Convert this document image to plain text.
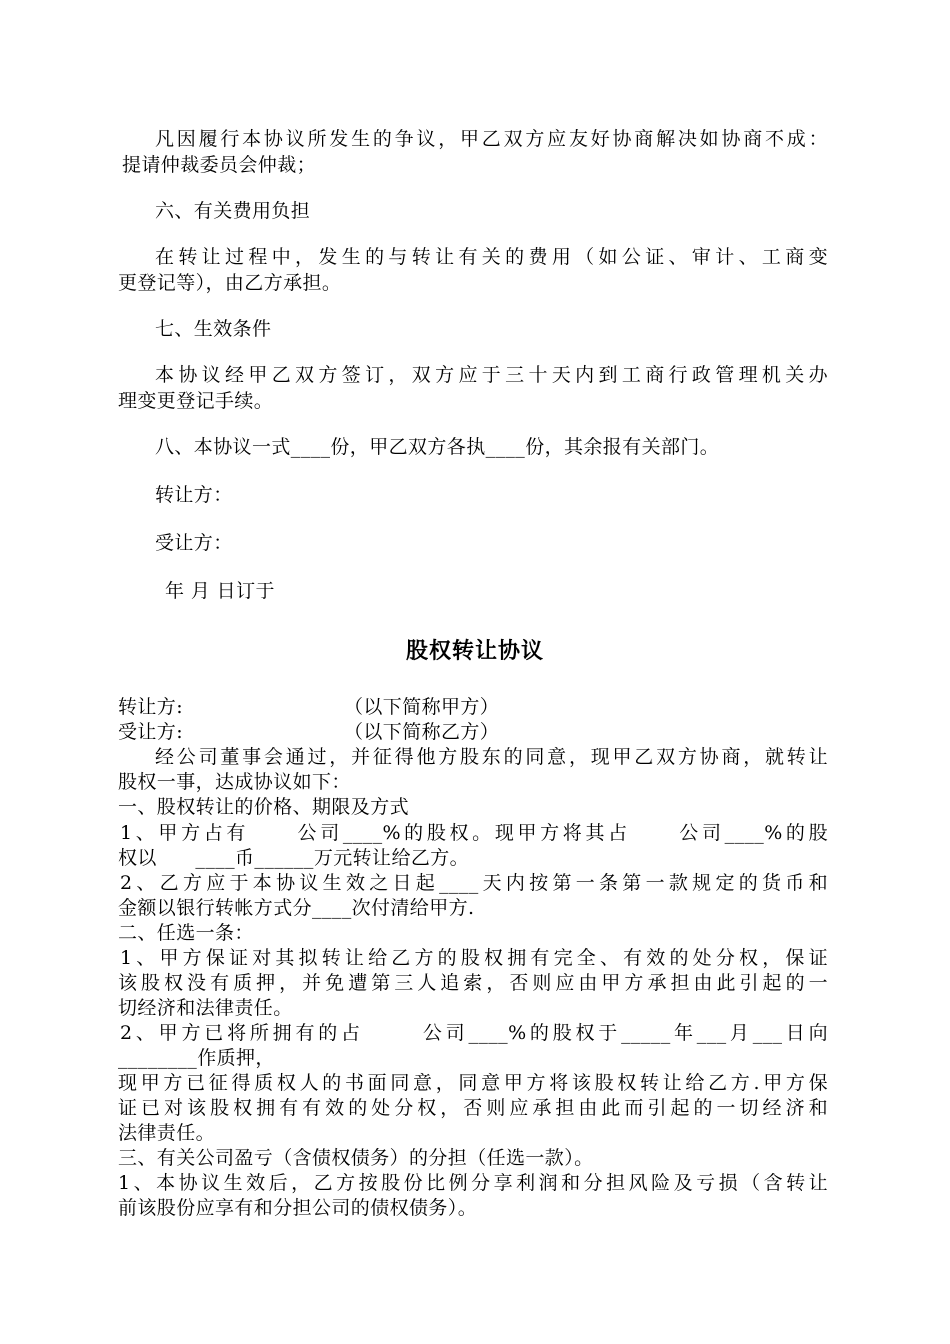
凡因履行本协议所发生的争议，甲乙双方应友好协商解决如协商不成：
提请仲裁委员会仲裁；
六、有关费用负担
在转让过程中，发生的与转让有关的费用（如公证、审计、工商变
更登记等），由乙方承担。
七、生效条件
本协议经甲乙双方签订，双方应于三十天内到工商行政管理机关办
理变更登记手续。
八、本协议一式____份，甲乙双方各执____份，其余报有关部门。
转让方：
受让方：
年 月 日订于
股权转让协议
转让方:                         （以下简称甲方）
受让方:                         （以下简称乙方）
经公司董事会通过，并征得他方股东的同意，现甲乙双方协商，就转让
股权一事，达成协议如下：
一、股权转让的价格、期限及方式
1、甲方占有     公司____%的股权。现甲方将其占     公司____%的股
权以      ____币______万元转让给乙方。
2、乙方应于本协议生效之日起____天内按第一条第一款规定的货币和
金额以银行转帐方式分____次付清给甲方.
二、任选一条：
1、甲方保证对其拟转让给乙方的股权拥有完全、有效的处分权，保证
该股权没有质押，并免遭第三人追索，否则应由甲方承担由此引起的一
切经济和法律责任。
2、甲方已将所拥有的占      公司____%的股权于_____年___月___日向
________作质押，
现甲方已征得质权人的书面同意，同意甲方将该股权转让给乙方.甲方保
证已对该股权拥有有效的处分权，否则应承担由此而引起的一切经济和
法律责任。
三、有关公司盈亏（含债权债务）的分担（任选一款）。
1、本协议生效后，乙方按股份比例分享利润和分担风险及亏损（含转让
前该股份应享有和分担公司的债权债务）。
